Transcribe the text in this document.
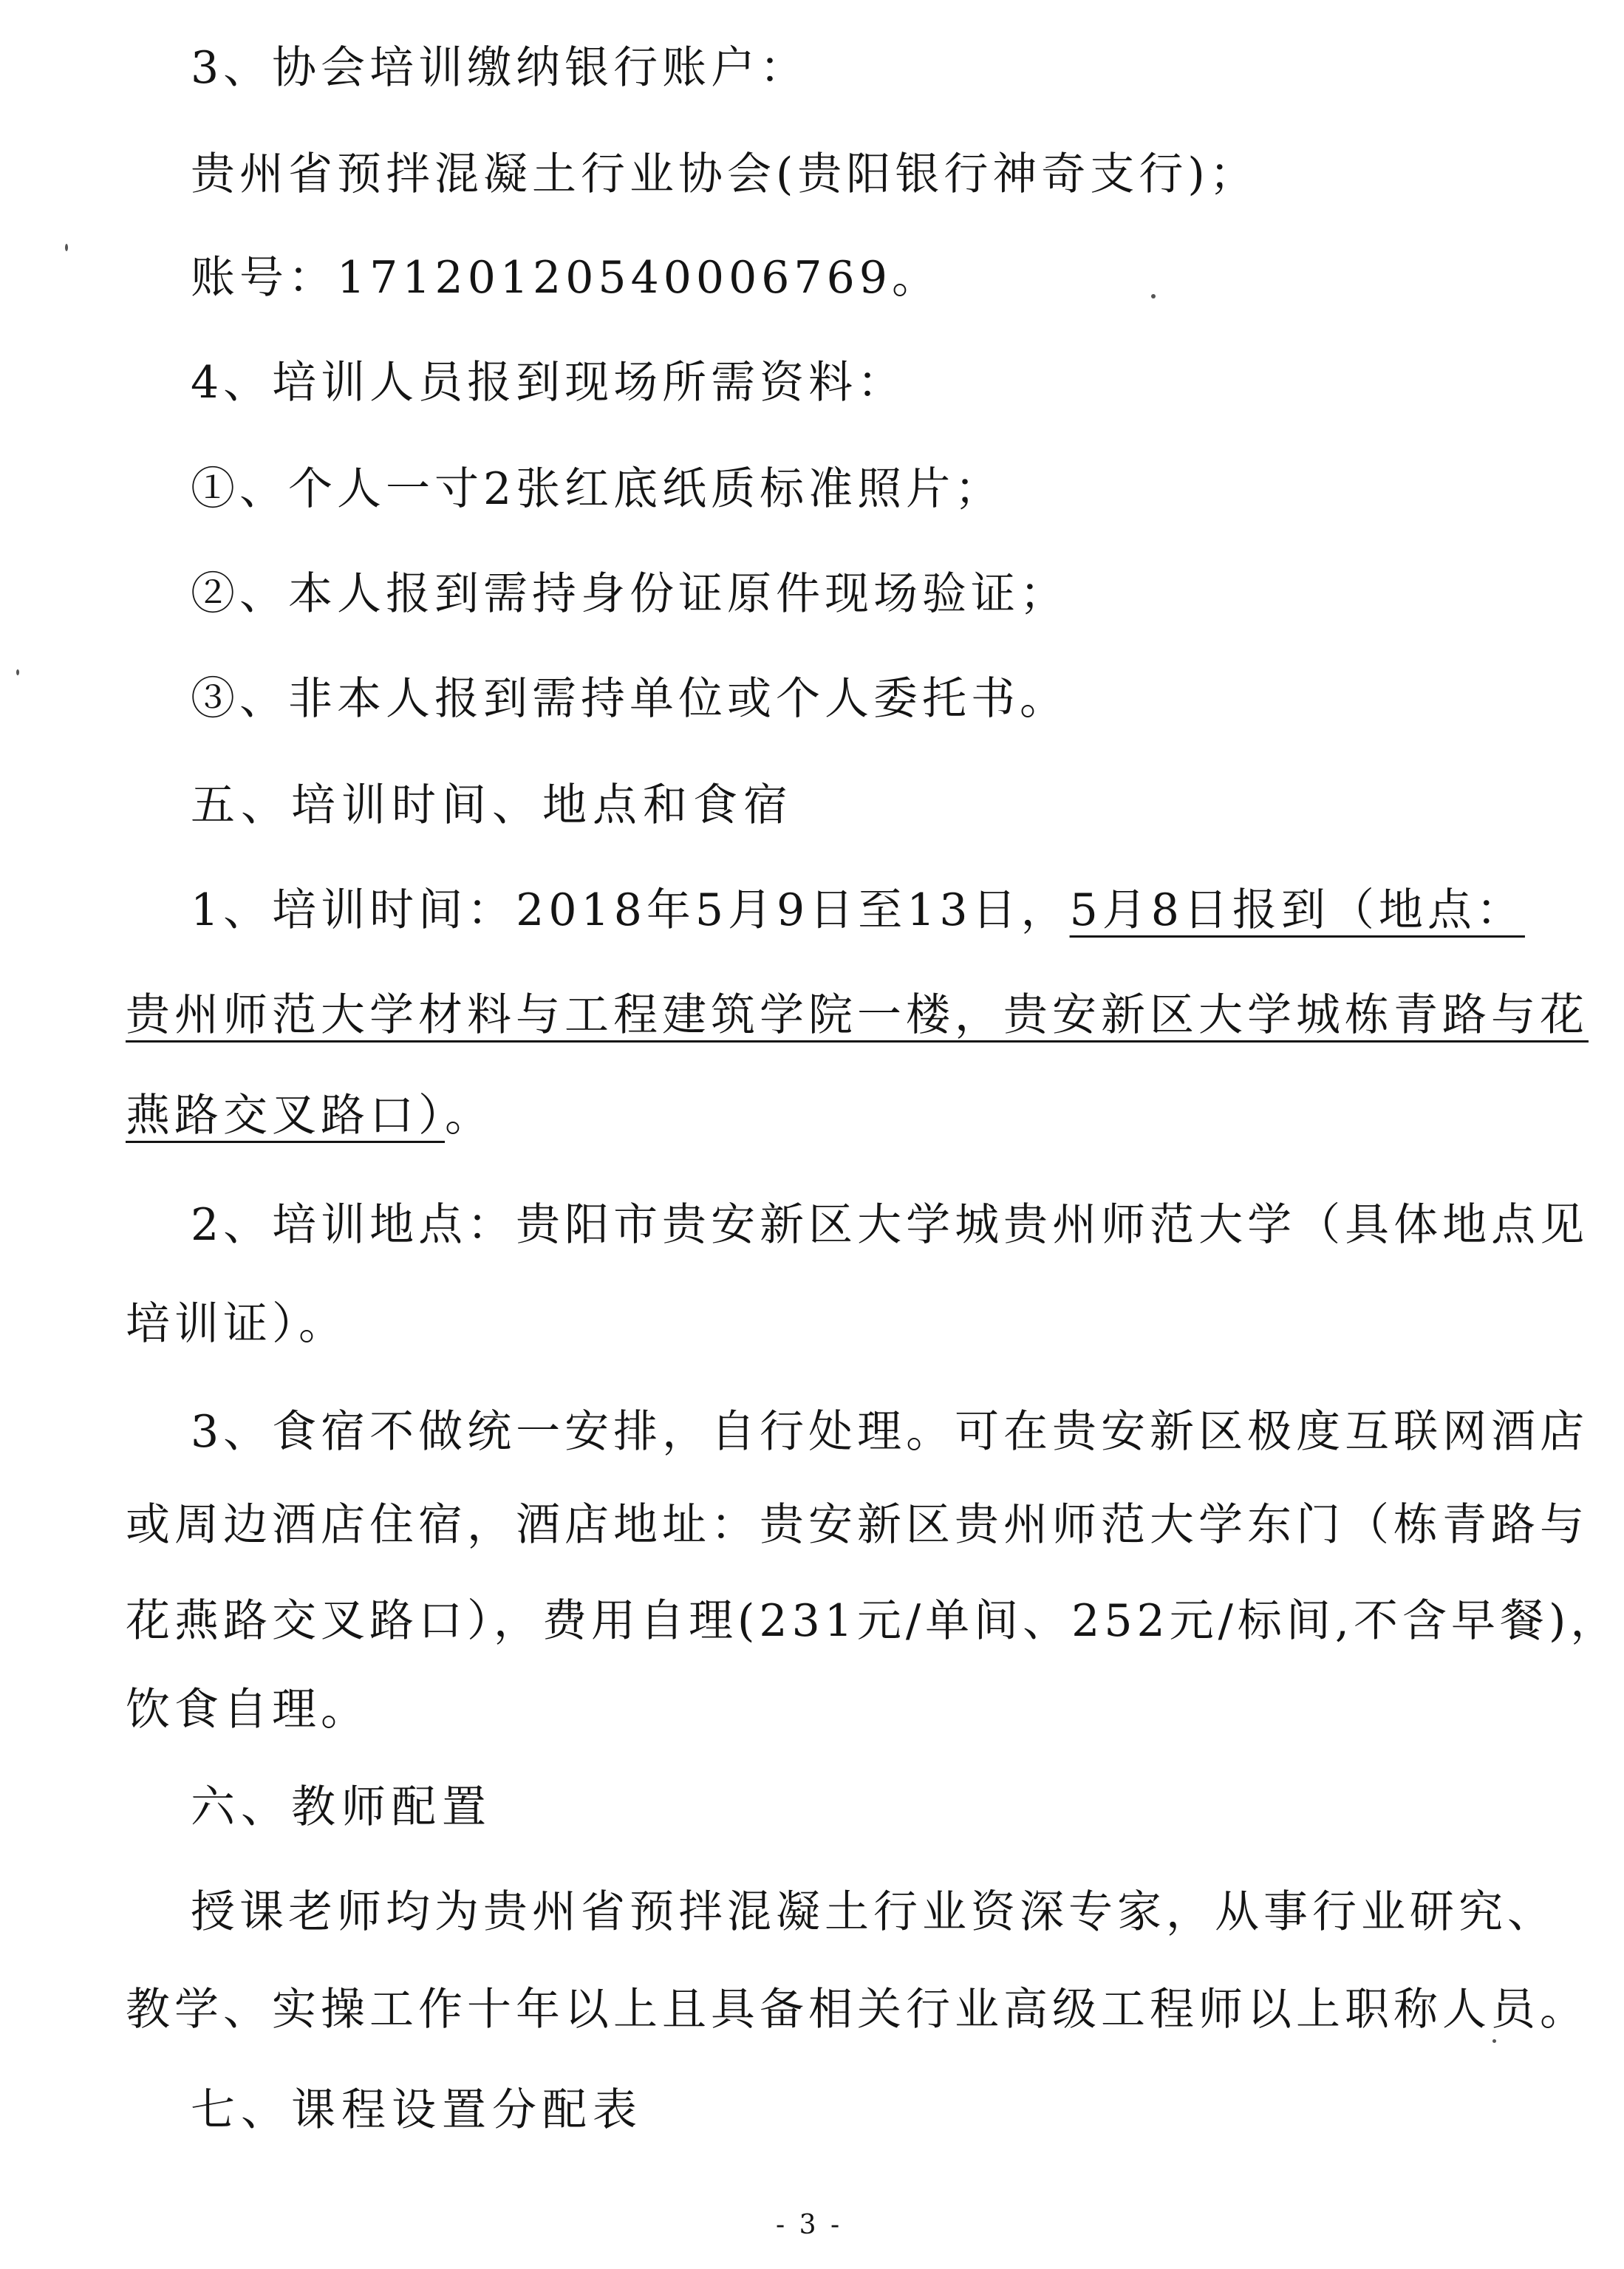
3、协会培训缴纳银行账户：
贵州省预拌混凝土行业协会(贵阳银行神奇支行)；
账号：17120120540006769。
4、培训人员报到现场所需资料：
①、个人一寸2张红底纸质标准照片；
②、本人报到需持身份证原件现场验证；
③、非本人报到需持单位或个人委托书。
五、培训时间、地点和食宿
1、培训时间：2018年5月9日至13日，5月8日报到（地点：
贵州师范大学材料与工程建筑学院一楼，贵安新区大学城栋青路与花
燕路交叉路口）。
2、培训地点：贵阳市贵安新区大学城贵州师范大学（具体地点见
培训证）。
3、食宿不做统一安排，自行处理。可在贵安新区极度互联网酒店
或周边酒店住宿，酒店地址：贵安新区贵州师范大学东门（栋青路与
花燕路交叉路口），费用自理(231元/单间、252元/标间,不含早餐)，
饮食自理。
六、教师配置
授课老师均为贵州省预拌混凝土行业资深专家，从事行业研究、
教学、实操工作十年以上且具备相关行业高级工程师以上职称人员。
七、课程设置分配表
- 3 -
